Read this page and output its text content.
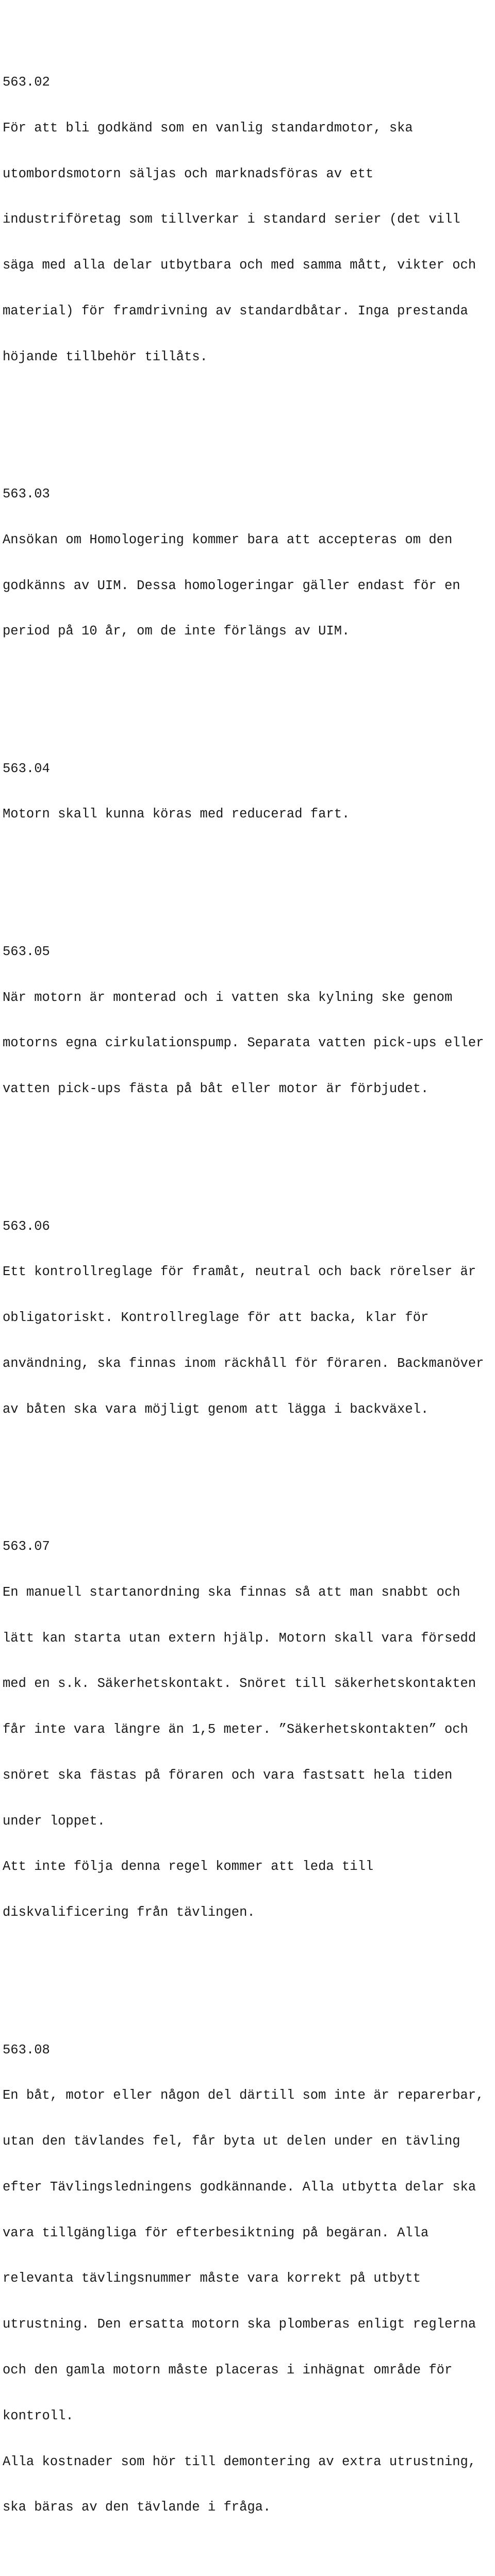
563.02

För att bli godkänd som en vanlig standardmotor, ska

utombordsmotorn säljas och marknadsföras av ett

industriföretag som tillverkar i standard serier (det vill

säga med alla delar utbytbara och med samma mått, vikter och

material) för framdrivning av standardbåtar. Inga prestanda

höjande tillbehör tillåts.

563.03

Ansökan om Homologering kommer bara att accepteras om den

godkänns av UIM. Dessa homologeringar gäller endast för en

period på 10 år, om de inte förlängs av UIM.

563.04

Motorn skall kunna köras med reducerad fart.

563.05

När motorn är monterad och i vatten ska kylning ske genom

motorns egna cirkulationspump. Separata vatten pick-ups eller

vatten pick-ups fästa på båt eller motor är förbjudet.

563.06

Ett kontrollreglage för framåt, neutral och back rörelser är

obligatoriskt. Kontrollreglage för att backa, klar för

användning, ska finnas inom räckhåll för föraren. Backmanöver

av båten ska vara möjligt genom att lägga i backväxel.

563.07

En manuell startanordning ska finnas så att man snabbt och

lätt kan starta utan extern hjälp. Motorn skall vara försedd

med en s.k. Säkerhetskontakt. Snöret till säkerhetskontakten

får inte vara längre än 1,5 meter. ”Säkerhetskontakten” och

snöret ska fästas på föraren och vara fastsatt hela tiden

under loppet.

Att inte följa denna regel kommer att leda till

diskvalificering från tävlingen.

563.08

En båt, motor eller någon del därtill som inte är reparerbar,

utan den tävlandes fel, får byta ut delen under en tävling

efter Tävlingsledningens godkännande. Alla utbytta delar ska

vara tillgängliga för efterbesiktning på begäran. Alla

relevanta tävlingsnummer måste vara korrekt på utbytt

utrustning. Den ersatta motorn ska plomberas enligt reglerna

och den gamla motorn måste placeras i inhägnat område för

kontroll.

Alla kostnader som hör till demontering av extra utrustning,

ska bäras av den tävlande i fråga.
